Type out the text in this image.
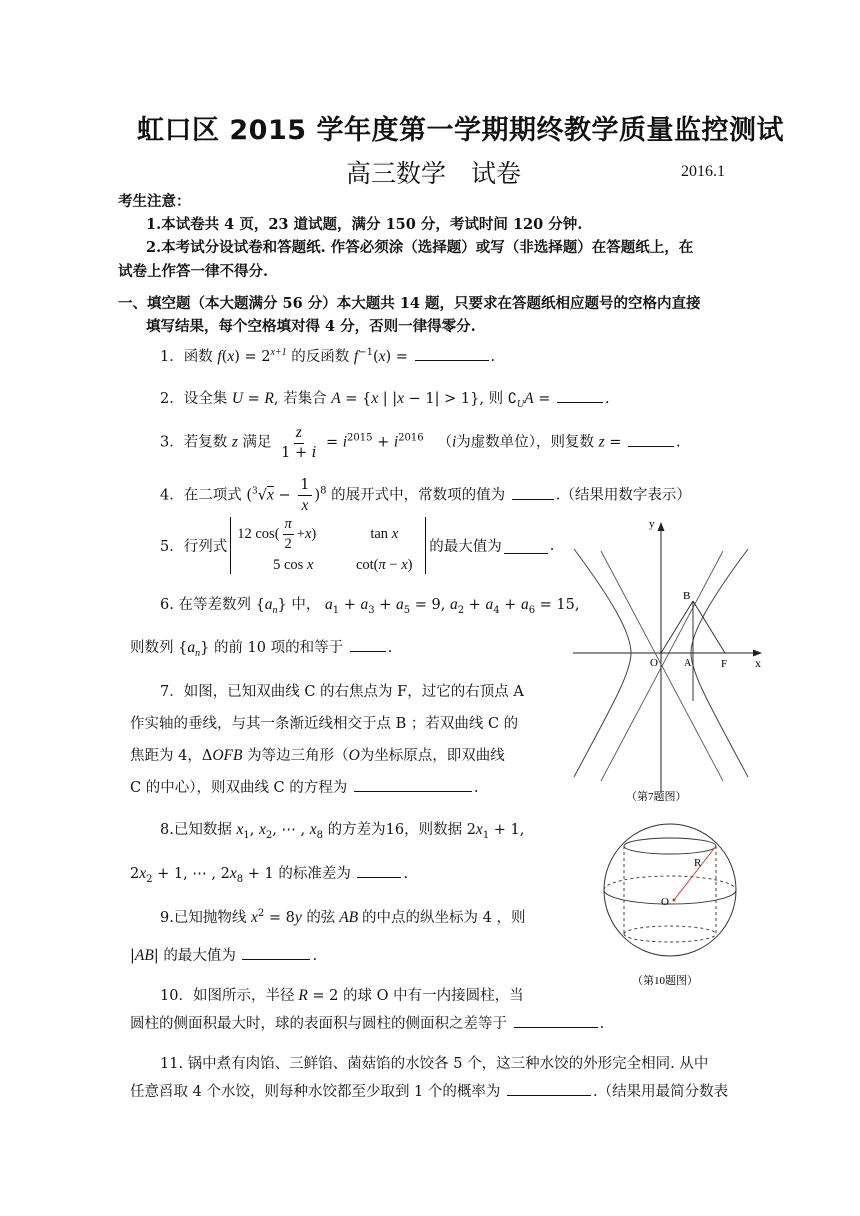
虹口区 2015 学年度第一学期期终教学质量监控测试
高三数学　试卷	2016.1
考生注意：
1.本试卷共 4 页，23 道试题，满分 150 分，考试时间 120 分钟.
2.本考试分设试卷和答题纸. 作答必须涂（选择题）或写（非选择题）在答题纸上，在
试卷上作答一律不得分.
一、填空题（本大题满分 56 分）本大题共 14 题，只要求在答题纸相应题号的空格内直接
填写结果，每个空格填对得 4 分，否则一律得零分.
1．函数 $f(x) = 2^{x+1}$ 的反函数 $f^{-1}(x)$ =	.
2．设全集 U = R, 若集合 A = {x | |x − 1| > 1}, 则 $∁_UA$ =	.
3．若复数 z 满足 $\frac{z}{1 + i} = i^{2015} + i^{2016}$ （i为虚数单位），则复数 z =	.
4．在二项式 $(^3√x - \frac{1}{x} )^8$ 的展开式中，常数项的值为	.（结果用数字表示）
5． 行列式
12 $\cos( \frac{\pi}{2} + x$ )	tan x
5 cos x	cot(π − x)
的最大值为	.
6. 在等差数列 $\{a_n\}$ 中， $a_1 + a_3 + a_5 = 9$, $a_2 + a_4 + a_6 = 15$,
则数列 $\{a_n\}$ 的前 10 项的和等于	.
7．如图，已知双曲线 C 的右焦点为 F，过它的右顶点 A
作实轴的垂线，与其一条渐近线相交于点 B ；若双曲线 C 的
焦距为 4，ΔOFB 为等边三角形（O为坐标原点，即双曲线
C 的中心），则双曲线 C 的方程为	.
8.已知数据 $x_1$, $x_2$, ⋯ , $x_8$ 的方差为16，则数据 $2x_1 + 1$,
$2x_2 + 1$, ⋯ , $2x_8 + 1$ 的标准差为	.
9.已知抛物线 $x^2 = 8y$ 的弦 AB 的中点的纵坐标为 4 ，则
|AB| 的最大值为	.
10．如图所示，半径 R = 2 的球 O 中有一内接圆柱，当
圆柱的侧面积最大时，球的表面积与圆柱的侧面积之差等于	.
11. 锅中煮有肉馅、三鲜馅、菌菇馅的水饺各 5 个，这三种水饺的外形完全相同. 从中
任意舀取 4 个水饺，则每种水饺都至少取到 1 个的概率为	.（结果用最简分数表
y
x
O	A
B
F
（第7题图）
O
R
（第10题图）
